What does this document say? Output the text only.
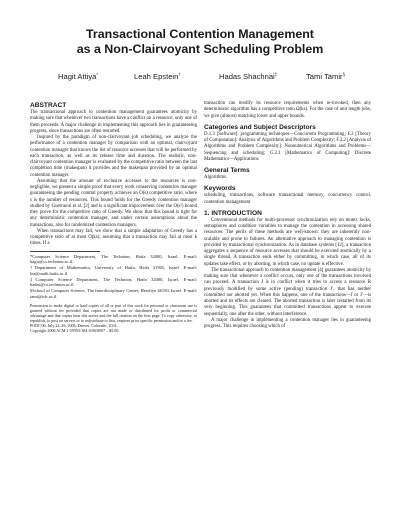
Transactional Contention Management
as a Non-Clairvoyant Scheduling Problem
Hagit Attiya*	Leah Epstein†	Hadas Shachnai‡	Tami Tamir§
ABSTRACT

The transactional approach to contention management guarantees atomicity by making sure that whenever two transactions have a conflict on a resource, only one of them proceeds. A major challenge in implementing this approach lies in guaranteeing progress, since transactions are often restarted.

Inspired by the paradigm of non-clairvoyant job scheduling, we analyze the performance of a contention manager by comparison with an optimal, clairvoyant contention manager that knows the list of resource accesses that will be performed by each transaction, as well as its release time and duration. The realistic, non-clairvoyant contention manager is evaluated by the competitive ratio between the last completion time (makespan) it provides and the makespan provided by an optimal contention manager.

Assuming that the amount of exclusive accesses to the resources is non-negligible, we present a simple proof that every work conserving contention manager guaranteeing the pending commit property achieves an O(s) competitive ratio, where s is the number of resources. This bound holds for the Greedy contention manager studied by Guerraoui et al. [2] and is a significant improvement over the O(s²) bound they prove for the competitive ratio of Greedy. We show that this bound is tight for any deterministic contention manager, and under certain assumptions about the transactions, also for randomized contention managers.

When transactions may fail, we show that a simple adaptation of Greedy has a competitive ratio of at most O(ks), assuming that a transaction may fail at most k times. If a

*Computer Science Department, The Technion, Haifa 32000, Israel. E-mail: hagit@cs.technion.ac.il.

†Department of Mathematics, University of Haifa, Haifa 31905, Israel. E-mail: lea@math.haifa.ac.il.

‡Computer Science Department, The Technion, Haifa 32000, Israel. E-mail: hadas@cs.technion.ac.il.

§School of Computer Science, The Interdisciplinary Center, Herzliya 46150, Israel. E-mail: tami@idc.ac.il.

Permission to make digital or hard copies of all or part of this work for personal or classroom use is granted without fee provided that copies are not made or distributed for profit or commercial advantage and that copies bear this notice and the full citation on the first page. To copy otherwise, to republish, to post on servers or to redistribute to lists, requires prior specific permission and/or a fee.

PODC'06, July 22–26, 2006, Denver, Colorado, USA.

Copyright 2006 ACM 1-59593-384-0/06/0007 ...$5.00.

transaction can modify its resource requirements when re-invoked, then any deterministic algorithm has a competitive ratio Ω(ks). For the case of unit length jobs, we give (almost) matching lower and upper bounds.

Categories and Subject Descriptors

D.1.3 [Software]: programming techniques—Concurrent Programming; F.2 [Theory of Computation]: Analysis of Algorithms and Problem Complexity; F.2.2 [Analysis of Algorithms and Problem Complexity]: Nonnumerical Algorithms and Problems—Sequencing and scheduling; G.2.1 [Mathematics of Computing]: Discrete Mathematics—Applications

General Terms

Algorithms.

Keywords

scheduling, transactions, software transactional memory, concurrency control, contention management

1. INTRODUCTION

Conventional methods for multi-processor synchronization rely on mutex locks, semaphores and condition variables to manage the contention in accessing shared resources. The perils of these methods are well-known: they are inherently non-scalable and prone to failures. An alternative approach to managing contention is provided by transactional synchronization. As in database systems [12], a transaction aggregates a sequence of resource accesses that should be executed atomically by a single thread. A transaction ends either by committing, in which case, all of its updates take effect, or by aborting, in which case, no update is effective.

The transactional approach to contention management [4] guarantees atomicity by making sure that whenever a conflict occurs, only one of the transactions involved can proceed. A transaction J is in conflict when it tries to access a resource R previously modified by some active (pending) transaction J′, that has neither committed nor aborted yet. When this happens, one of the transactions—J or J′—is aborted and its effects are cleared. The aborted transaction is later restarted from its very beginning. This guarantees that committed transactions appear to execute sequentially, one after the other, without interference.

A major challenge in implementing a contention manager lies in guaranteeing progress. This requires choosing which of
